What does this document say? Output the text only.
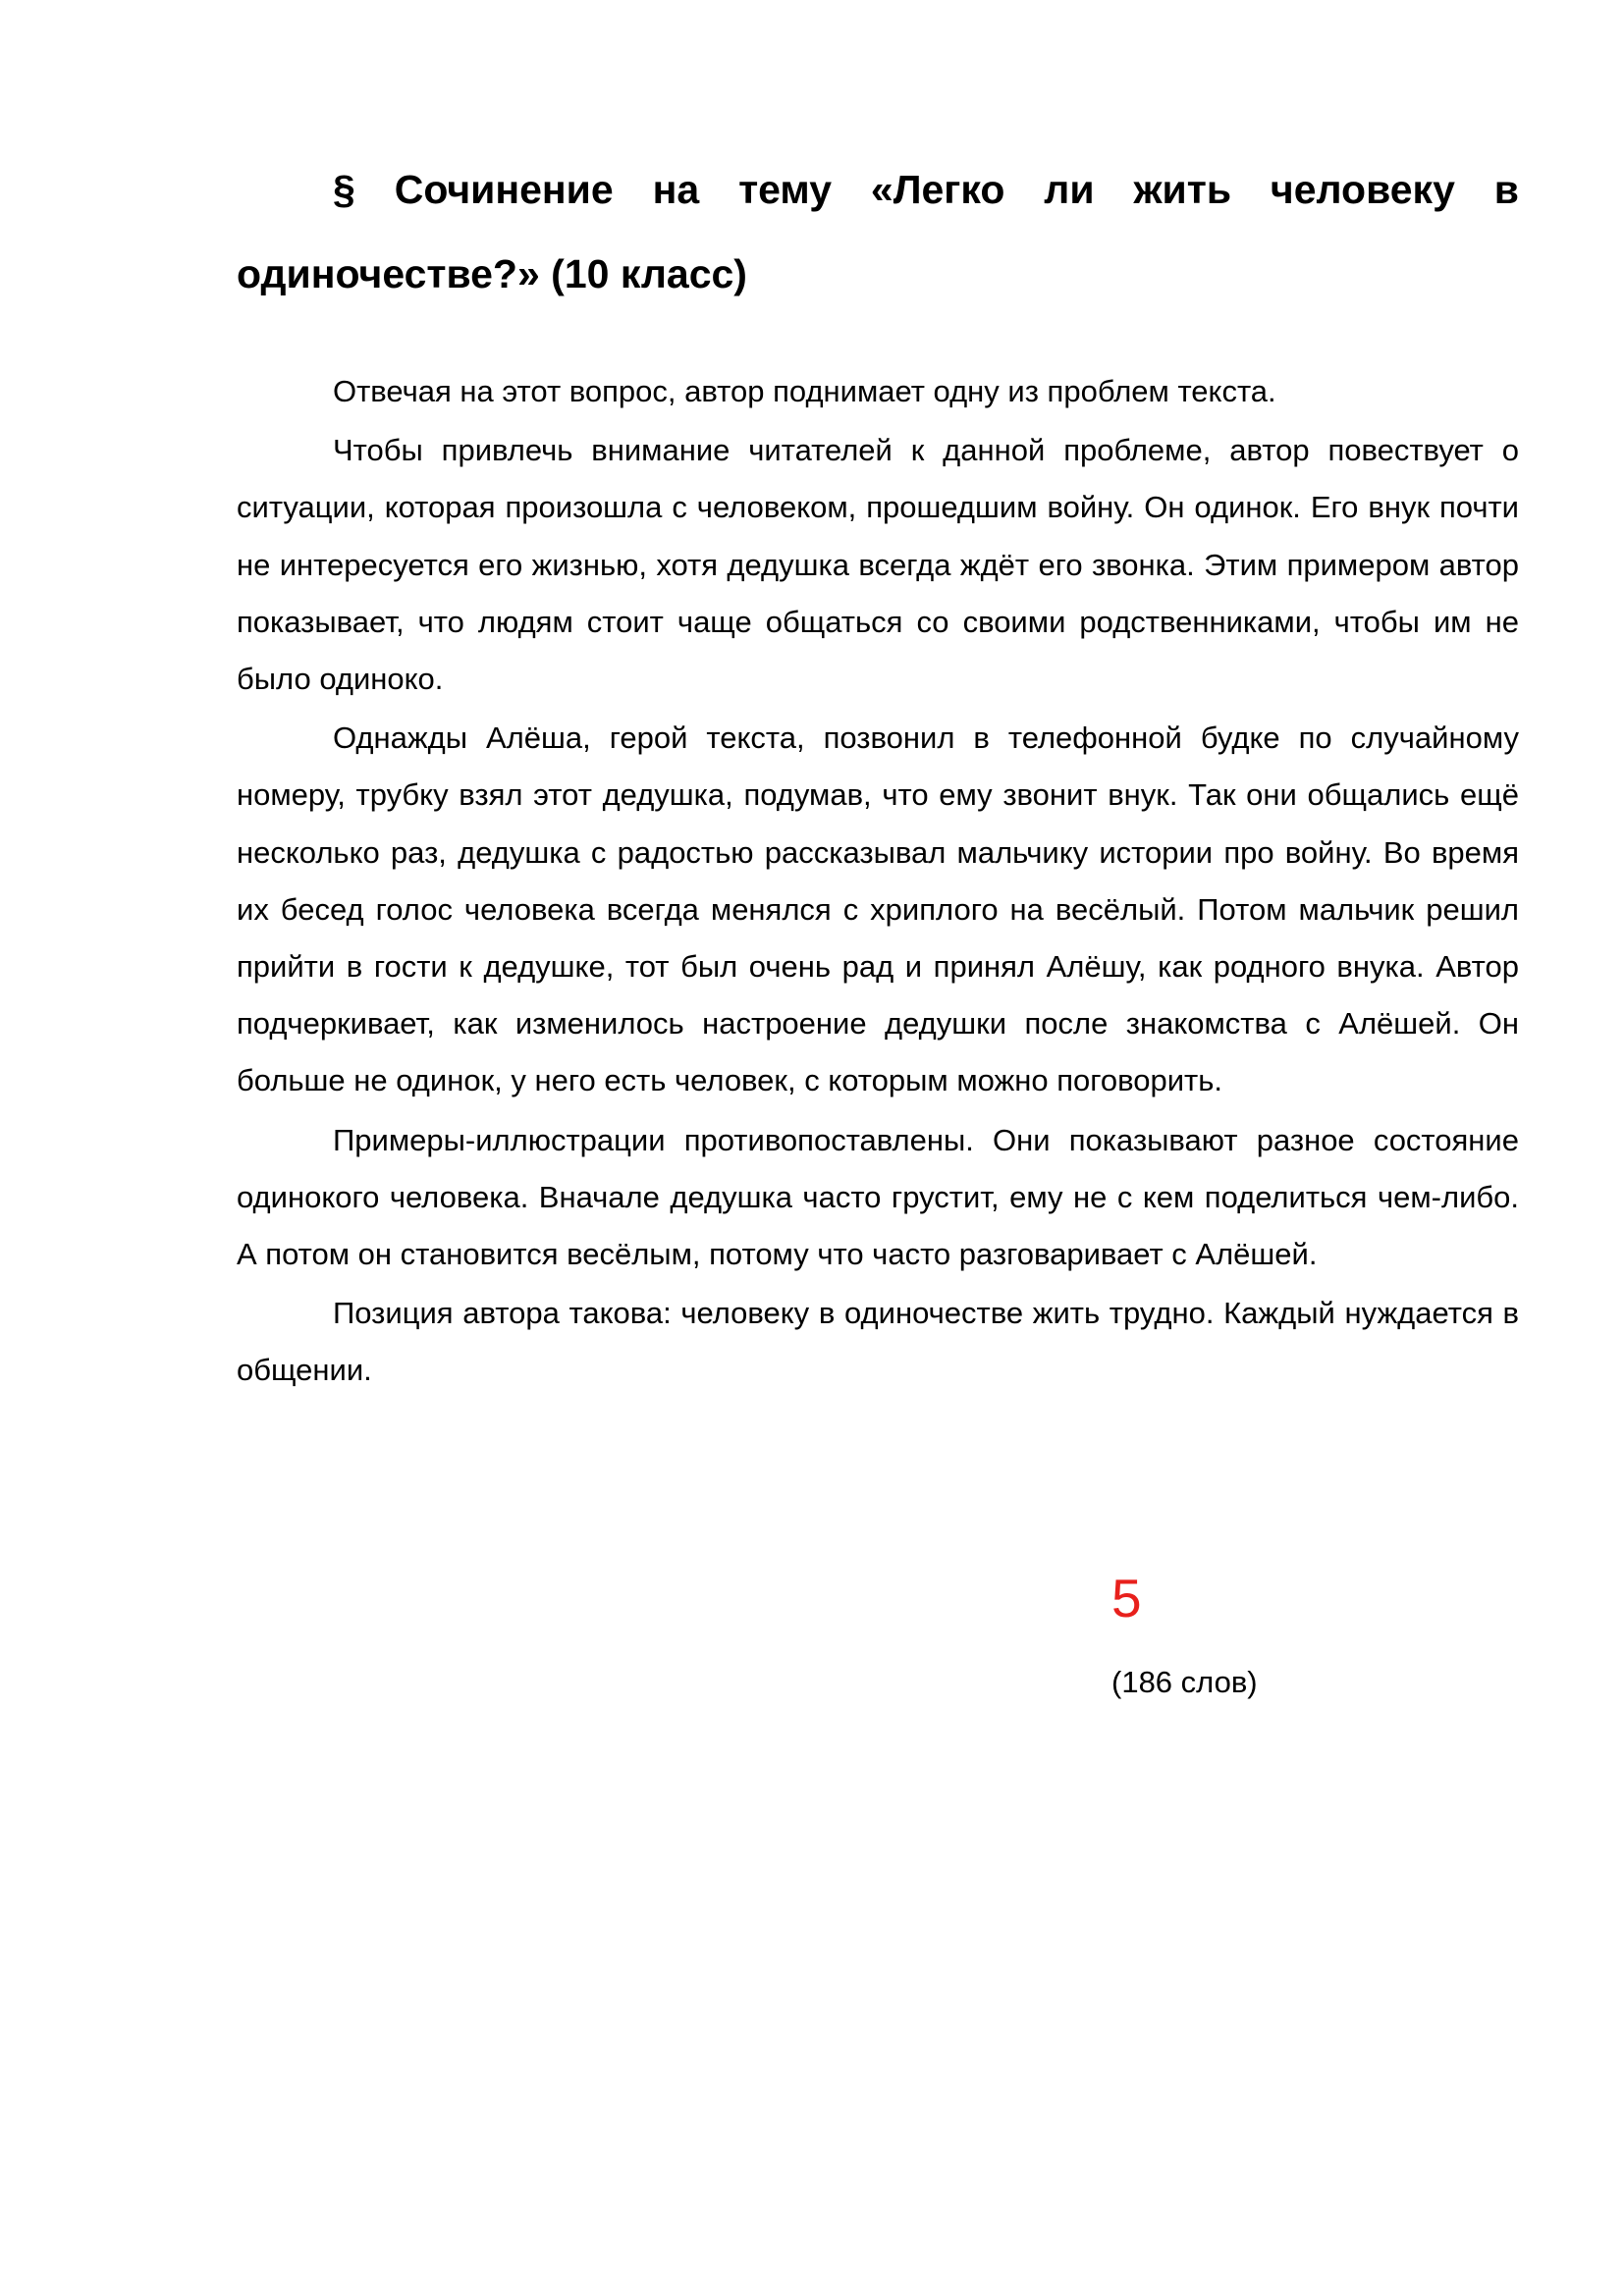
§ Сочинение на тему «Легко ли жить человеку в одиночестве?» (10 класс)

Отвечая на этот вопрос, автор поднимает одну из проблем текста.

Чтобы привлечь внимание читателей к данной проблеме, автор повествует о ситуации, которая произошла с человеком, прошедшим войну. Он одинок. Его внук почти не интересуется его жизнью, хотя дедушка всегда ждёт его звонка. Этим примером автор показывает, что людям стоит чаще общаться со своими родственниками, чтобы им не было одиноко.

Однажды Алёша, герой текста, позвонил в телефонной будке по случайному номеру, трубку взял этот дедушка, подумав, что ему звонит внук. Так они общались ещё несколько раз, дедушка с радостью рассказывал мальчику истории про войну. Во время их бесед голос человека всегда менялся с хриплого на весёлый. Потом мальчик решил прийти в гости к дедушке, тот был очень рад и принял Алёшу, как родного внука. Автор подчеркивает, как изменилось настроение дедушки после знакомства с Алёшей. Он больше не одинок, у него есть человек, с которым можно поговорить.

Примеры-иллюстрации противопоставлены. Они показывают разное состояние одинокого человека. Вначале дедушка часто грустит, ему не с кем поделиться чем-либо. А потом он становится весёлым, потому что часто разговаривает с Алёшей.

Позиция автора такова: человеку в одиночестве жить трудно. Каждый нуждается в общении.

5
(186 слов)
